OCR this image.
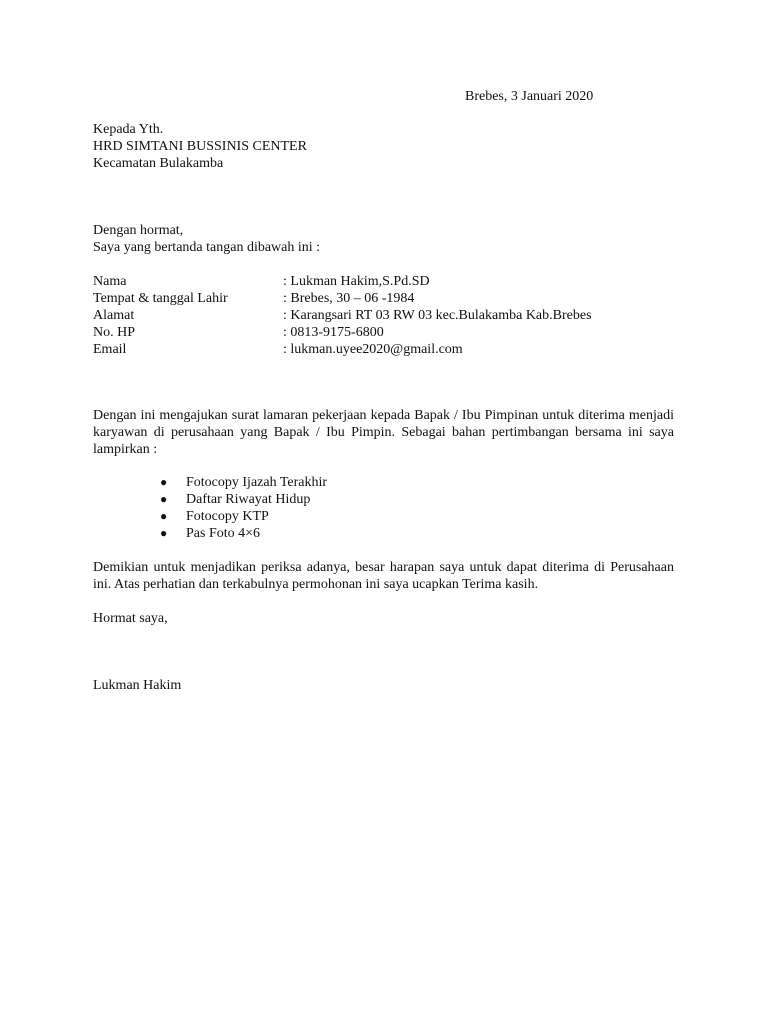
Brebes, 3 Januari 2020
Kepada Yth.
HRD SIMTANI BUSSINIS CENTER
Kecamatan Bulakamba
Dengan hormat,
Saya yang bertanda tangan dibawah ini :
Nama	: Lukman Hakim,S.Pd.SD
Tempat & tanggal Lahir	: Brebes, 30 – 06 -1984
Alamat	: Karangsari RT 03 RW 03 kec.Bulakamba Kab.Brebes
No. HP	: 0813-9175-6800
Email	: lukman.uyee2020@gmail.com
Dengan ini mengajukan surat lamaran pekerjaan kepada Bapak / Ibu Pimpinan untuk diterima menjadi karyawan di perusahaan yang Bapak / Ibu Pimpin. Sebagai bahan pertimbangan bersama ini saya lampirkan :
● Fotocopy Ijazah Terakhir
● Daftar Riwayat Hidup
● Fotocopy KTP
● Pas Foto 4×6
Demikian untuk menjadikan periksa adanya, besar harapan saya untuk dapat diterima di Perusahaan ini. Atas perhatian dan terkabulnya permohonan ini saya ucapkan Terima kasih.
Hormat saya,
Lukman Hakim
